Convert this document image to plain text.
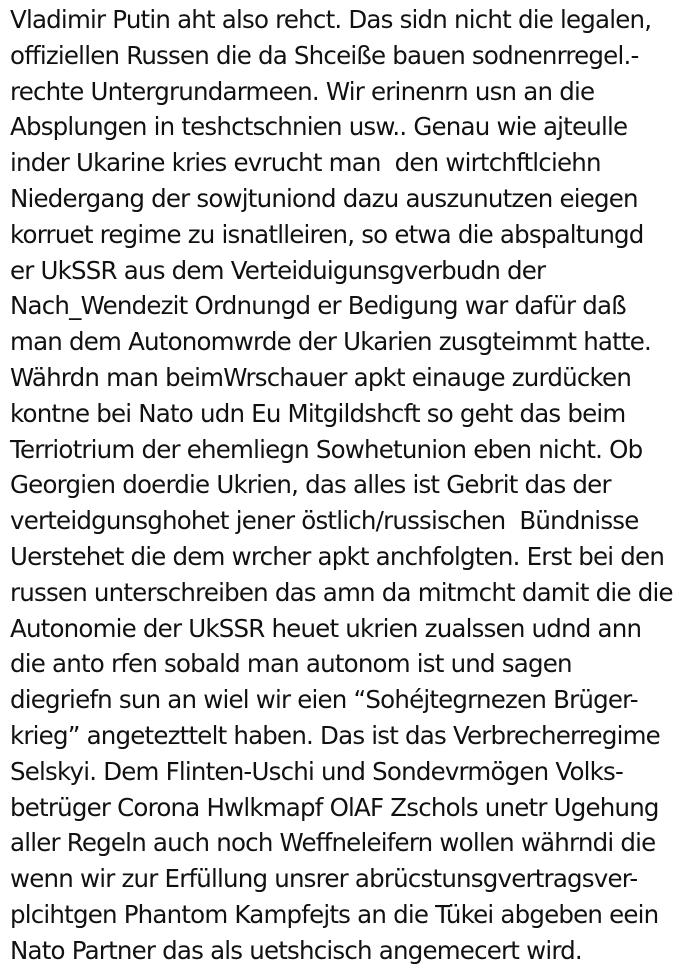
Vladimir Putin aht also rehct. Das sidn nicht die legalen,
offiziellen Russen die da Shceiße bauen sodnenrregel.-
rechte Untergrundarmeen. Wir erinenrn usn an die
Absplungen in teshctschnien usw.. Genau wie ajteulle
inder Ukarine kries evrucht man  den wirtchftlciehn
Niedergang der sowjtuniond dazu auszunutzen eiegen
korruet regime zu isnatlleiren, so etwa die abspaltungd
er UkSSR aus dem Verteiduigunsgverbudn der
Nach_Wendezit Ordnungd er Bedigung war dafür daß
man dem Autonomwrde der Ukarien zusgteimmt hatte.
Währdn man beimWrschauer apkt einauge zurdücken
kontne bei Nato udn Eu Mitgildshcft so geht das beim
Terriotrium der ehemliegn Sowhetunion eben nicht. Ob
Georgien doerdie Ukrien, das alles ist Gebrit das der
verteidgunsghohet jener östlich/russischen  Bündnisse
Uerstehet die dem wrcher apkt anchfolgten. Erst bei den
russen unterschreiben das amn da mitmcht damit die die
Autonomie der UkSSR heuet ukrien zualssen udnd ann
die anto rfen sobald man autonom ist und sagen
diegriefn sun an wiel wir eien “Sohéjtegrnezen Brüger-
krieg” angetezttelt haben. Das ist das Verbrecherregime
Selskyi. Dem Flinten-Uschi und Sondevrmögen Volks-
betrüger Corona Hwlkmapf OlAF Zschols unetr Ugehung
aller Regeln auch noch Weffneleifern wollen währndi die
wenn wir zur Erfüllung unsrer abrücstunsgvertragsver-
plcihtgen Phantom Kampfejts an die Tükei abgeben eein
Nato Partner das als uetshcisch angemecert wird.
